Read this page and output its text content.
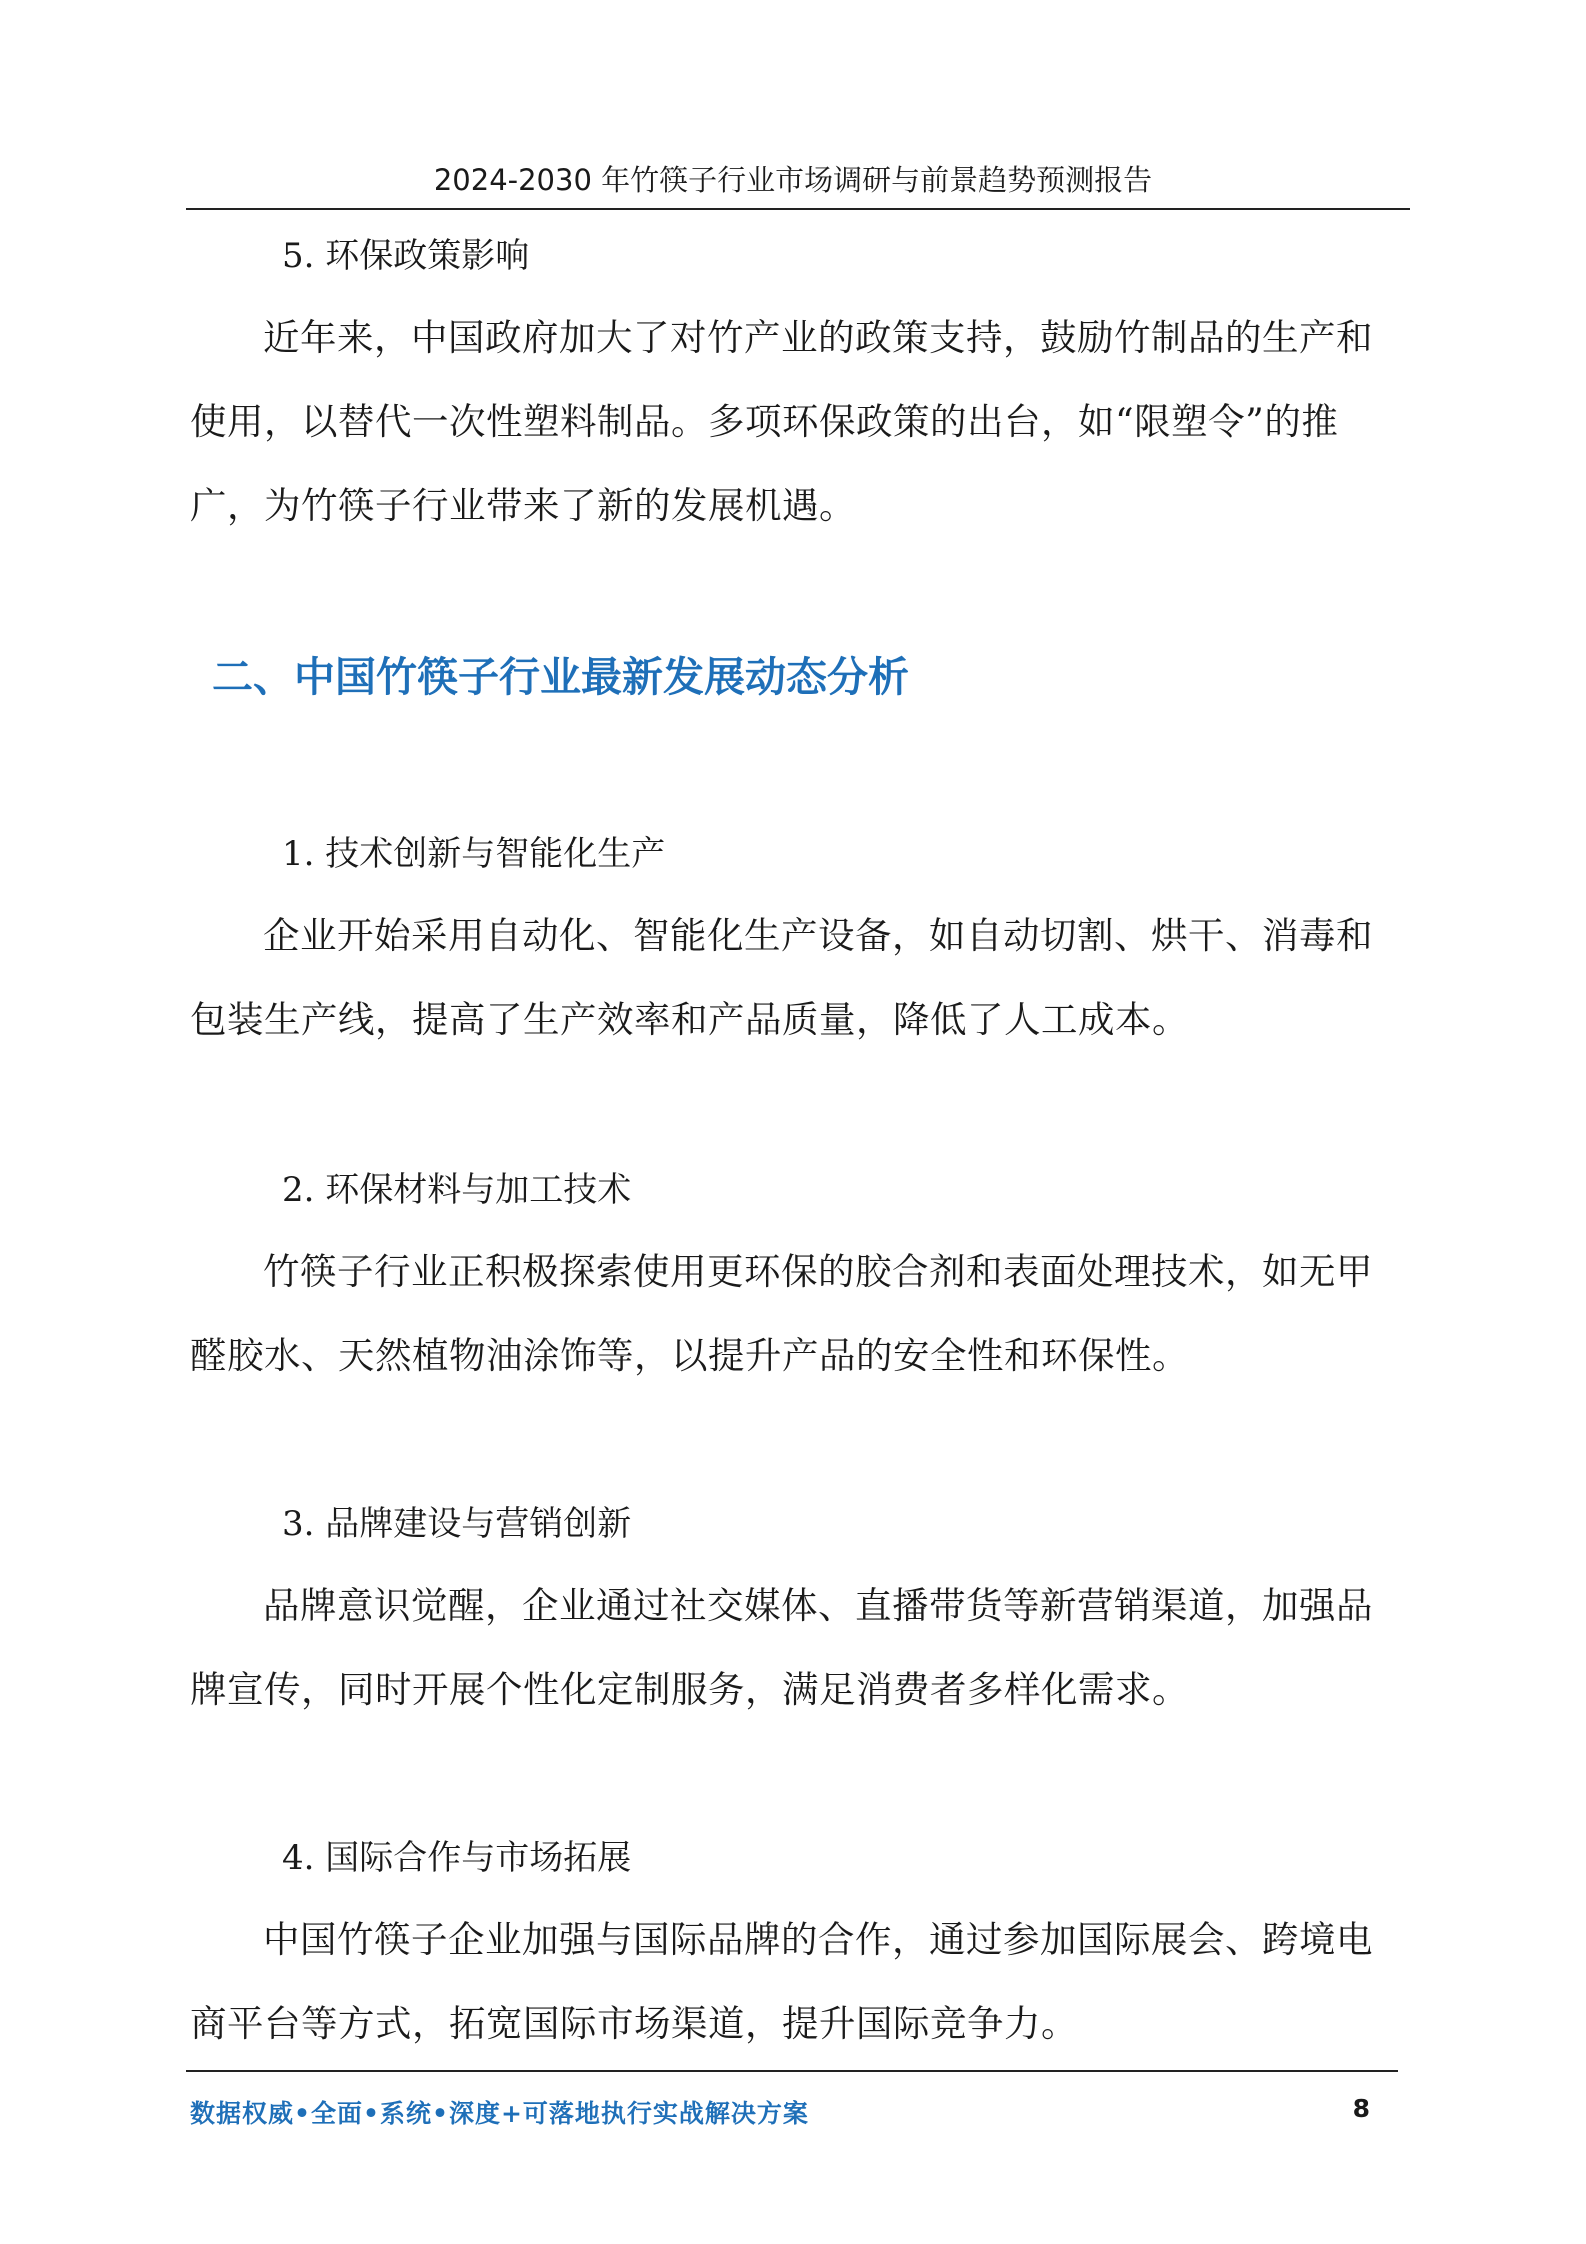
2024-2030 年竹筷子行业市场调研与前景趋势预测报告
5. 环保政策影响

近年来，中国政府加大了对竹产业的政策支持，鼓励竹制品的生产和使用，以替代一次性塑料制品。多项环保政策的出台，如“限塑令”的推广，为竹筷子行业带来了新的发展机遇。

二、中国竹筷子行业最新发展动态分析
1. 技术创新与智能化生产

企业开始采用自动化、智能化生产设备，如自动切割、烘干、消毒和包装生产线，提高了生产效率和产品质量，降低了人工成本。

2. 环保材料与加工技术

竹筷子行业正积极探索使用更环保的胶合剂和表面处理技术，如无甲醛胶水、天然植物油涂饰等，以提升产品的安全性和环保性。

3. 品牌建设与营销创新

品牌意识觉醒，企业通过社交媒体、直播带货等新营销渠道，加强品牌宣传，同时开展个性化定制服务，满足消费者多样化需求。

4. 国际合作与市场拓展

中国竹筷子企业加强与国际品牌的合作，通过参加国际展会、跨境电商平台等方式，拓宽国际市场渠道，提升国际竞争力。

数据权威•全面•系统•深度+可落地执行实战解决方案	8
